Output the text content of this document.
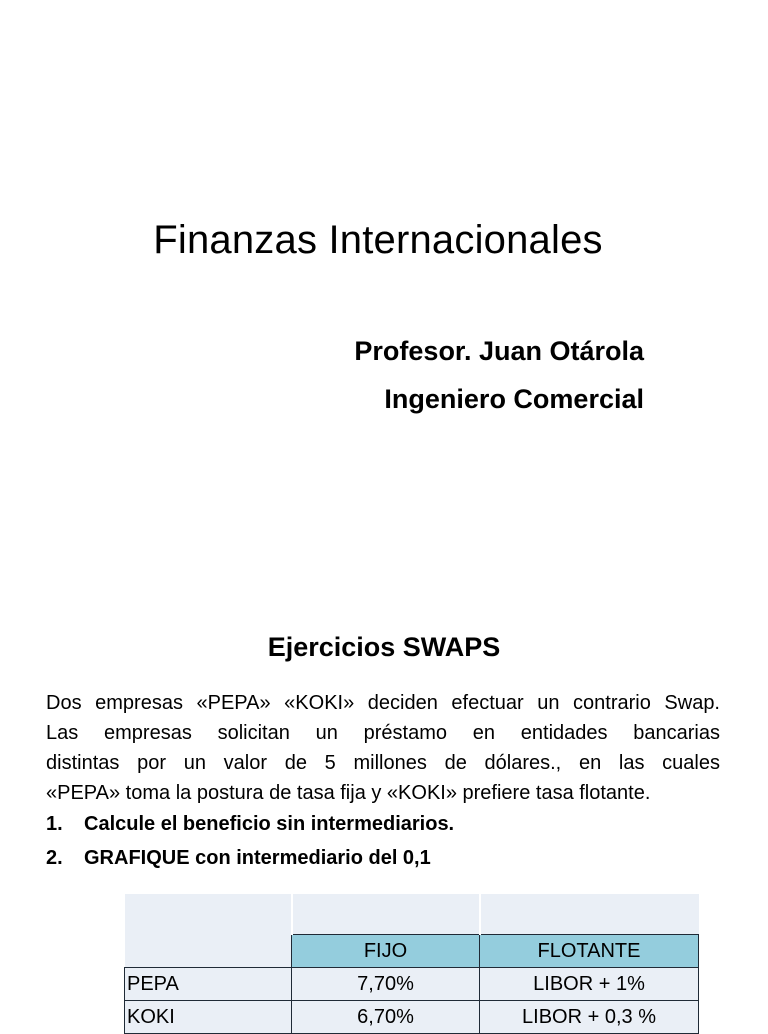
Finanzas Internacionales
Profesor. Juan Otárola
Ingeniero Comercial
Ejercicios SWAPS
Dos empresas «PEPA» «KOKI» deciden efectuar un contrario Swap.
Las empresas solicitan un préstamo en entidades bancarias
distintas por un valor de 5 millones de dólares., en las cuales
«PEPA» toma la postura de tasa fija y «KOKI» prefiere tasa flotante.
1. Calcule el beneficio sin intermediarios.
2. GRAFIQUE con intermediario del 0,1

	FIJO	FLOTANTE
PEPA	7,70%	LIBOR + 1%
KOKI	6,70%	LIBOR + 0,3 %
